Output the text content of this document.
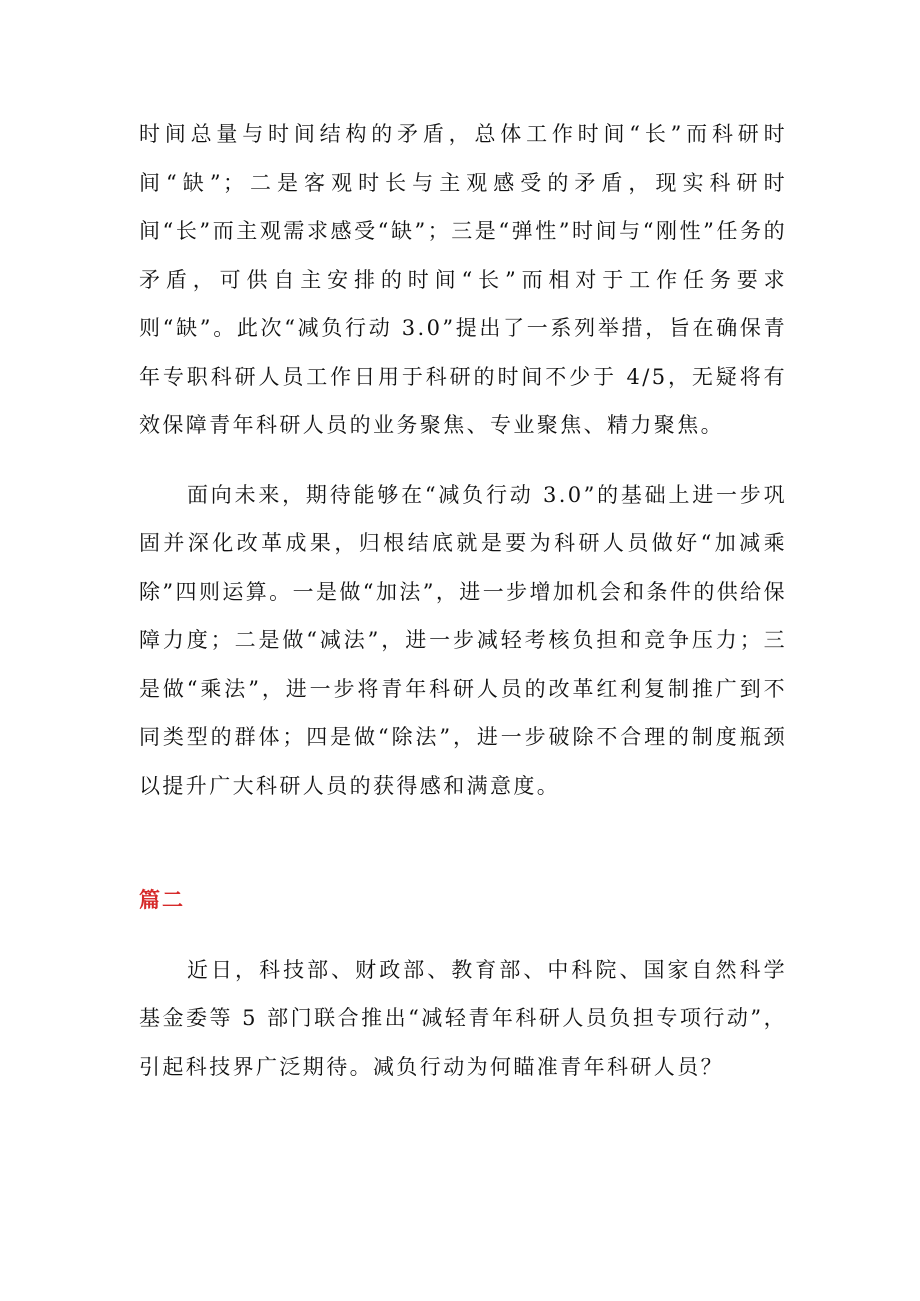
时间总量与时间结构的矛盾，总体工作时间“长”而科研时间“缺”；二是客观时长与主观感受的矛盾，现实科研时间“长”而主观需求感受“缺”；三是“弹性”时间与“刚性”任务的矛盾，可供自主安排的时间“长”而相对于工作任务要求则“缺”。此次“减负行动 3.0”提出了一系列举措，旨在确保青年专职科研人员工作日用于科研的时间不少于 4/5，无疑将有效保障青年科研人员的业务聚焦、专业聚焦、精力聚焦。

面向未来，期待能够在“减负行动 3.0”的基础上进一步巩固并深化改革成果，归根结底就是要为科研人员做好“加减乘除”四则运算。一是做“加法”，进一步增加机会和条件的供给保障力度；二是做“减法”，进一步减轻考核负担和竞争压力；三是做“乘法”，进一步将青年科研人员的改革红利复制推广到不同类型的群体；四是做“除法”，进一步破除不合理的制度瓶颈以提升广大科研人员的获得感和满意度。

篇二

近日，科技部、财政部、教育部、中科院、国家自然科学基金委等 5 部门联合推出“减轻青年科研人员负担专项行动”，引起科技界广泛期待。减负行动为何瞄准青年科研人员？
